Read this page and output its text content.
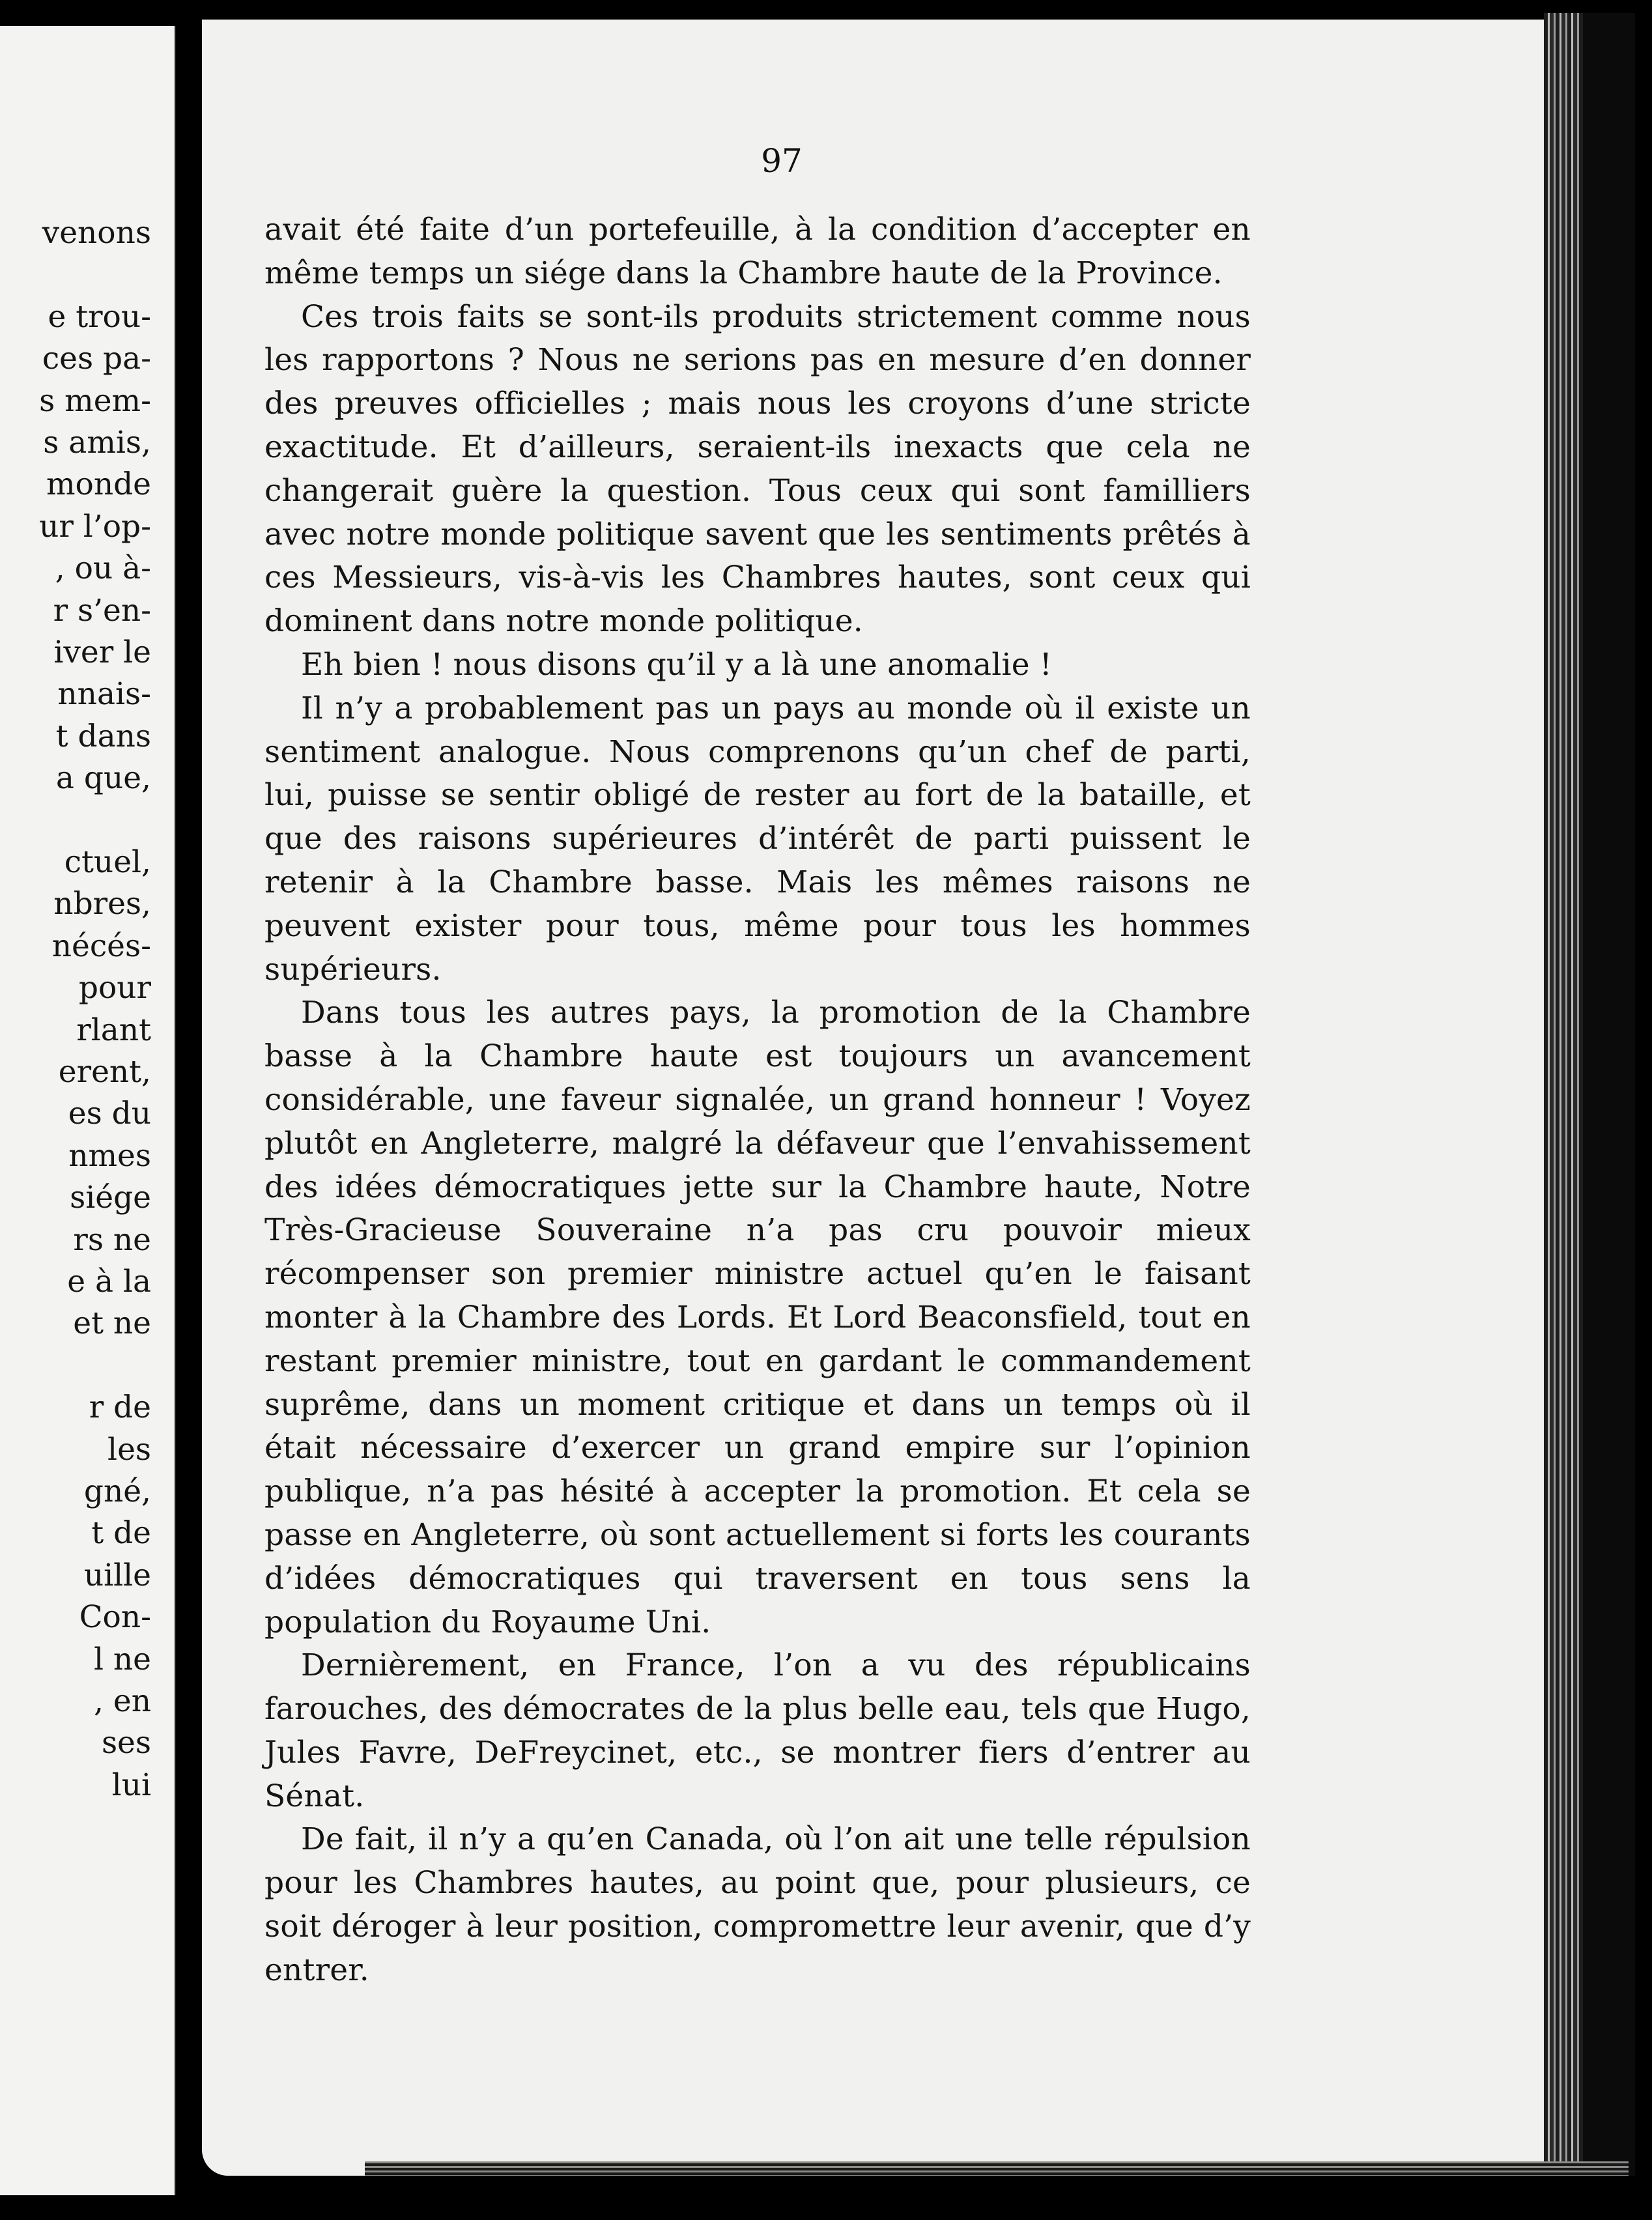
venons
e trou-
ces pa-
s mem-
s amis,
monde
ur l’op-
, ou à-
r s’en-
iver le
nnais-
t dans
a que,
ctuel,
nbres,
nécés-
pour
rlant
erent,
es du
nmes
siége
rs ne
e à la
et ne
r de
les
gné,
t de
uille
Con-
l ne
, en
ses
lui
97

avait été faite d’un portefeuille, à la condition d’accepter en même temps un siége dans la Chambre haute de la Province.

Ces trois faits se sont-ils produits strictement comme nous les rapportons ? Nous ne serions pas en mesure d’en donner des preuves officielles ; mais nous les croyons d’une stricte exactitude. Et d’ailleurs, seraient-ils inexacts que cela ne changerait guère la question. Tous ceux qui sont familliers avec notre monde politique savent que les sentiments prêtés à ces Messieurs, vis-à-vis les Chambres hautes, sont ceux qui dominent dans notre monde politique.

Eh bien ! nous disons qu’il y a là une anomalie !

Il n’y a probablement pas un pays au monde où il existe un sentiment analogue. Nous comprenons qu’un chef de parti, lui, puisse se sentir obligé de rester au fort de la bataille, et que des raisons supérieures d’intérêt de parti puissent le retenir à la Chambre basse. Mais les mêmes raisons ne peuvent exister pour tous, même pour tous les hommes supérieurs.

Dans tous les autres pays, la promotion de la Chambre basse à la Chambre haute est toujours un avancement considérable, une faveur signalée, un grand honneur ! Voyez plutôt en Angleterre, malgré la défaveur que l’envahissement des idées démocratiques jette sur la Chambre haute, Notre Très-Gracieuse Souveraine n’a pas cru pouvoir mieux récompenser son premier ministre actuel qu’en le faisant monter à la Chambre des Lords. Et Lord Beaconsfield, tout en restant premier ministre, tout en gardant le commandement suprême, dans un moment critique et dans un temps où il était nécessaire d’exercer un grand empire sur l’opinion publique, n’a pas hésité à accepter la promotion. Et cela se passe en Angleterre, où sont actuellement si forts les courants d’idées démocratiques qui traversent en tous sens la population du Royaume Uni.

Dernièrement, en France, l’on a vu des républicains farouches, des démocrates de la plus belle eau, tels que Hugo, Jules Favre, DeFreycinet, etc., se montrer fiers d’entrer au Sénat.

De fait, il n’y a qu’en Canada, où l’on ait une telle répulsion pour les Chambres hautes, au point que, pour plusieurs, ce soit déroger à leur position, compromettre leur avenir, que d’y entrer.
